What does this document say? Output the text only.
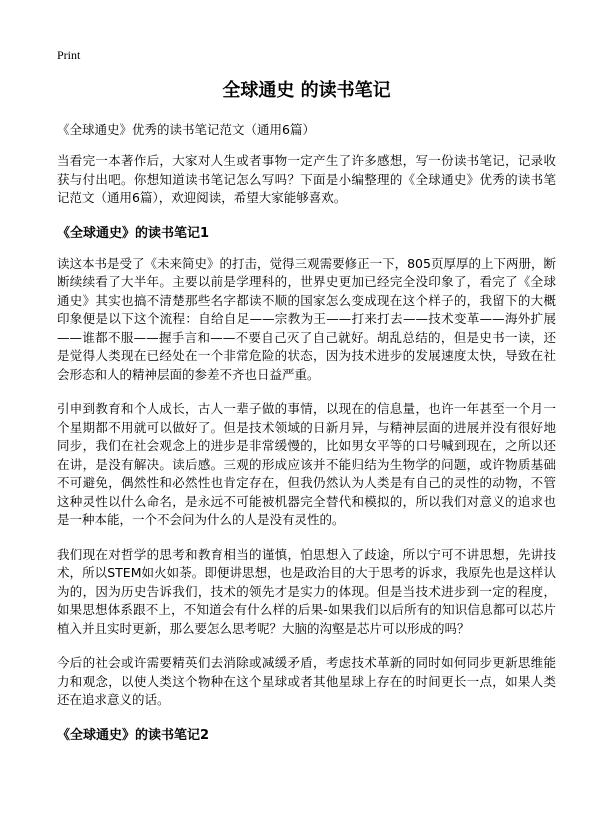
Print
全球通史 的读书笔记
《全球通史》优秀的读书笔记范文（通用6篇）

当看完一本著作后，大家对人生或者事物一定产生了许多感想，写一份读书笔记，记录收获与付出吧。你想知道读书笔记怎么写吗？下面是小编整理的《全球通史》优秀的读书笔记范文（通用6篇），欢迎阅读，希望大家能够喜欢。

《全球通史》的读书笔记1

读这本书是受了《未来简史》的打击，觉得三观需要修正一下，805页厚厚的上下两册，断断续续看了大半年。主要以前是学理科的，世界史更加已经完全没印象了，看完了《全球通史》其实也搞不清楚那些名字都读不顺的国家怎么变成现在这个样子的，我留下的大概印象便是以下这个流程：自给自足——宗教为王——打来打去——技术变革——海外扩展——谁都不服——握手言和——不要自己灭了自己就好。胡乱总结的，但是史书一读，还是觉得人类现在已经处在一个非常危险的状态，因为技术进步的发展速度太快，导致在社会形态和人的精神层面的参差不齐也日益严重。

引申到教育和个人成长，古人一辈子做的事情，以现在的信息量，也许一年甚至一个月一个星期都不用就可以做好了。但是技术领域的日新月异，与精神层面的进展并没有很好地同步，我们在社会观念上的进步是非常缓慢的，比如男女平等的口号喊到现在，之所以还在讲，是没有解决。读后感。三观的形成应该并不能归结为生物学的问题，或许物质基础不可避免，偶然性和必然性也肯定存在，但我仍然认为人类是有自己的灵性的动物，不管这种灵性以什么命名，是永远不可能被机器完全替代和模拟的，所以我们对意义的追求也是一种本能，一个不会问为什么的人是没有灵性的。

我们现在对哲学的思考和教育相当的谨慎，怕思想入了歧途，所以宁可不讲思想，先讲技术，所以STEM如火如荼。即便讲思想，也是政治目的大于思考的诉求，我原先也是这样认为的，因为历史告诉我们，技术的领先才是实力的体现。但是当技术进步到一定的程度，如果思想体系跟不上，不知道会有什么样的后果-如果我们以后所有的知识信息都可以芯片植入并且实时更新，那么要怎么思考呢？大脑的沟壑是芯片可以形成的吗？

今后的社会或许需要精英们去消除或减缓矛盾，考虑技术革新的同时如何同步更新思维能力和观念，以使人类这个物种在这个星球或者其他星球上存在的时间更长一点，如果人类还在追求意义的话。

《全球通史》的读书笔记2
